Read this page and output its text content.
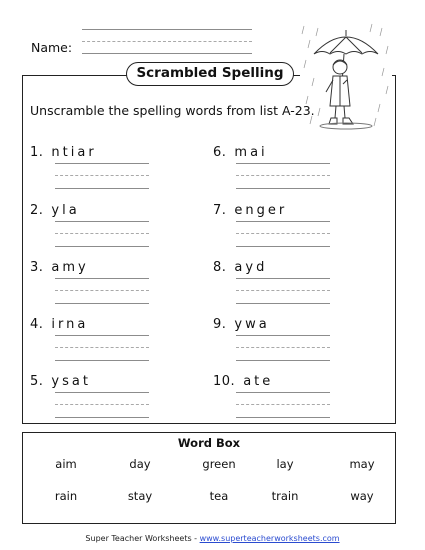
Name:
Scrambled Spelling
Unscramble the spelling words from list A-23.
1. ntiar
2. yla
3. amy
4. irna
5. ysat
6. mai
7. enger
8. ayd
9. ywa
10. ate
Word Box
aim	day	green	lay	may
rain	stay	tea	train	way
Super Teacher Worksheets - www.superteacherworksheets.com
